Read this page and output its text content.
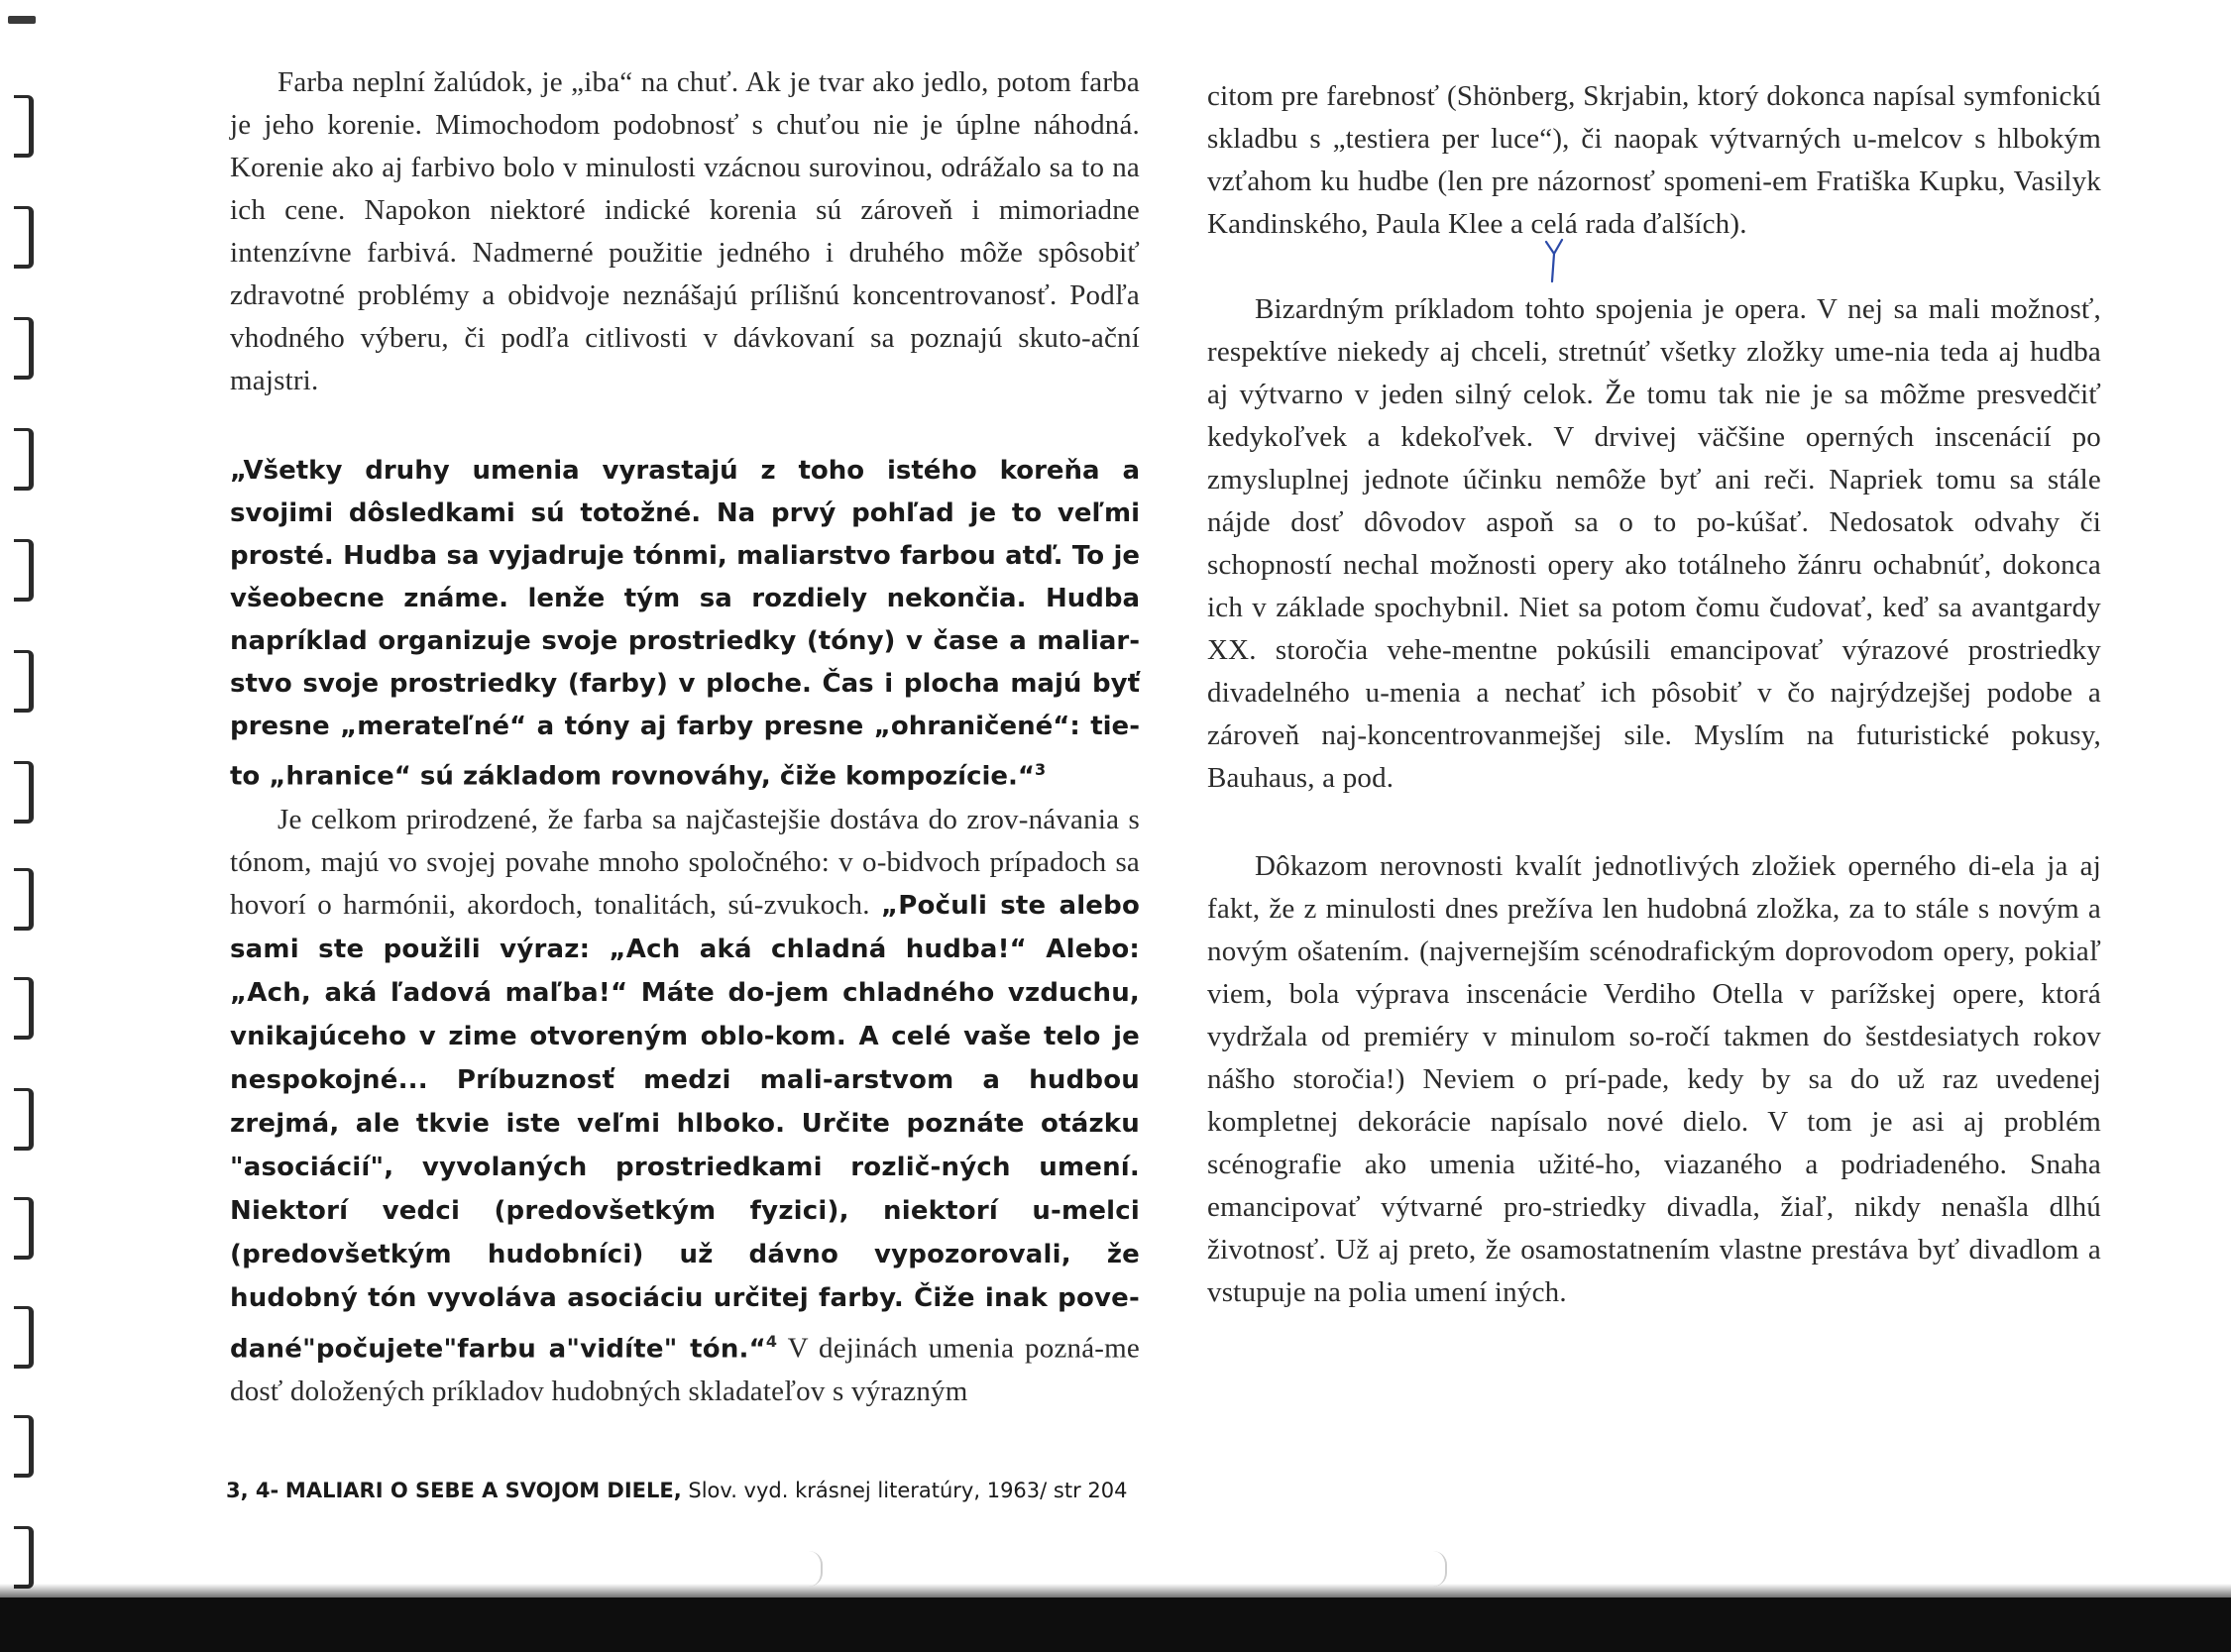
Farba neplní žalúdok, je „iba“ na chuť. Ak je tvar ako jedlo, potom farba je jeho korenie. Mimochodom podobnosť s chuťou nie je úplne náhodná. Korenie ako aj farbivo bolo v minulosti vzácnou surovinou, odrážalo sa to na ich cene. Napokon niektoré indické korenia sú zároveň i mimoriadne intenzívne farbivá. Nadmerné použitie jedného i druhého môže spôsobiť zdravotné problémy a obidvoje neznášajú prílišnú koncentrovanosť. Podľa vhodného výberu, či podľa citlivosti v dávkovaní sa poznajú skuto-ační majstri.

„Všetky druhy umenia vyrastajú z toho istého koreňa a svojimi dôsledkami sú totožné. Na prvý pohľad je to veľmi prosté. Hudba sa vyjadruje tónmi, maliarstvo farbou atď. To je všeobecne známe. lenže tým sa rozdiely nekončia. Hudba napríklad organizuje svoje prostriedky (tóny) v čase a maliar-stvo svoje prostriedky (farby) v ploche. Čas i plocha majú byť presne „merateľné“ a tóny aj farby presne „ohraničené“: tie-to „hranice“ sú základom rovnováhy, čiže kompozície.“$^3$

Je celkom prirodzené, že farba sa najčastejšie dostáva do zrov-návania s tónom, majú vo svojej povahe mnoho spoločného: v o-bidvoch prípadoch sa hovorí o harmónii, akordoch, tonalitách, sú-zvukoch. „Počuli ste alebo sami ste použili výraz: „Ach aká chladná hudba!“ Alebo: „Ach, aká ľadová maľba!“ Máte do-jem chladného vzduchu, vnikajúceho v zime otvoreným oblo-kom. A celé vaše telo je nespokojné... Príbuznosť medzi mali-arstvom a hudbou zrejmá, ale tkvie iste veľmi hlboko. Určite poznáte otázku "asociácií", vyvolaných prostriedkami rozlič-ných umení. Niektorí vedci (predovšetkým fyzici), niektorí u-melci (predovšetkým hudobníci) už dávno vypozorovali, že hudobný tón vyvoláva asociáciu určitej farby. Čiže inak pove-dané"počujete"farbu a"vidíte" tón.“$^4$ V dejinách umenia pozná-me dosť doložených príkladov hudobných skladateľov s výrazným

citom pre farebnosť (Shönberg, Skrjabin, ktorý dokonca napísal symfonickú skladbu s „testiera per luce“), či naopak výtvarných u-melcov s hlbokým vzťahom ku hudbe (len pre názornosť spomeni-em Fratiška Kupku, Vasilyk Kandinského, Paula Klee a celá rada ďalších).

Bizardným príkladom tohto spojenia je opera. V nej sa mali možnosť, respektíve niekedy aj chceli, stretnúť všetky zložky ume-nia teda aj hudba aj výtvarno v jeden silný celok. Že tomu tak nie je sa môžme presvedčiť kedykoľvek a kdekoľvek. V drvivej väčšine operných inscenácií po zmysluplnej jednote účinku nemôže byť ani reči. Napriek tomu sa stále nájde dosť dôvodov aspoň sa o to po-kúšať. Nedosatok odvahy či schopností nechal možnosti opery ako totálneho žánru ochabnúť, dokonca ich v základe spochybnil. Niet sa potom čomu čudovať, keď sa avantgardy XX. storočia vehe-mentne pokúsili emancipovať výrazové prostriedky divadelného u-menia a nechať ich pôsobiť v čo najrýdzejšej podobe a zároveň naj-koncentrovanmejšej sile. Myslím na futuristické pokusy, Bauhaus, a pod.

Dôkazom nerovnosti kvalít jednotlivých zložiek operného di-ela ja aj fakt, že z minulosti dnes prežíva len hudobná zložka, za to stále s novým a novým ošatením. (najvernejším scénodrafickým doprovodom opery, pokiaľ viem, bola výprava inscenácie Verdiho Otella v parížskej opere, ktorá vydržala od premiéry v minulom so-ročí takmen do šestdesiatych rokov nášho storočia!) Neviem o prí-pade, kedy by sa do už raz uvedenej kompletnej dekorácie napísalo nové dielo. V tom je asi aj problém scénografie ako umenia užité-ho, viazaného a podriadeného. Snaha emancipovať výtvarné pro-striedky divadla, žiaľ, nikdy nenašla dlhú životnosť. Už aj preto, že osamostatnením vlastne prestáva byť divadlom a vstupuje na polia umení iných.

3, 4- MALIARI O SEBE A SVOJOM DIELE, Slov. vyd. krásnej literatúry, 1963/ str 204
